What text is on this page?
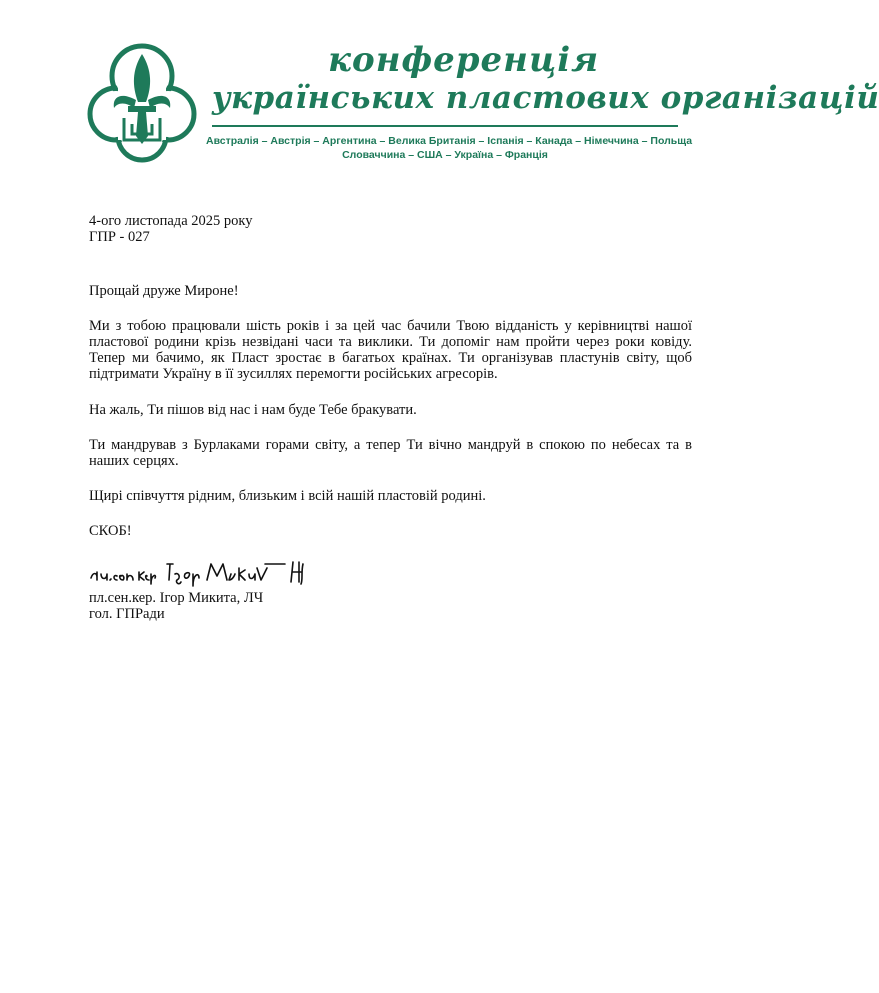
конференція
українських пластових організацій
Австралія – Австрія – Аргентина – Велика Британія – Іспанія – Канада – Німеччина – Польща
Словаччина – США – Україна – Франція
4-ого листопада 2025 року
ГПР - 027
Прощай друже Мироне!
Ми з тобою працювали шість років і за цей час бачили Твою відданість у керівництві нашої пластової родини крізь незвідані часи та виклики. Ти допоміг нам пройти через роки ковіду. Тепер ми бачимо, як Пласт зростає в багатьох країнах. Ти організував пластунів світу, щоб підтримати Україну в її зусиллях перемогти російських агресорів.
На жаль, Ти пішов від нас і нам буде Тебе бракувати.
Ти мандрував з Бурлаками горами світу, а тепер Ти вічно мандруй в спокою по небесах та в наших серцях.
Щирі співчуття рідним, близьким і всій нашій пластовій родині.
СКОБ!
пл.сен.кер. Ігор Микита, ЛЧ
гол. ГПРади
